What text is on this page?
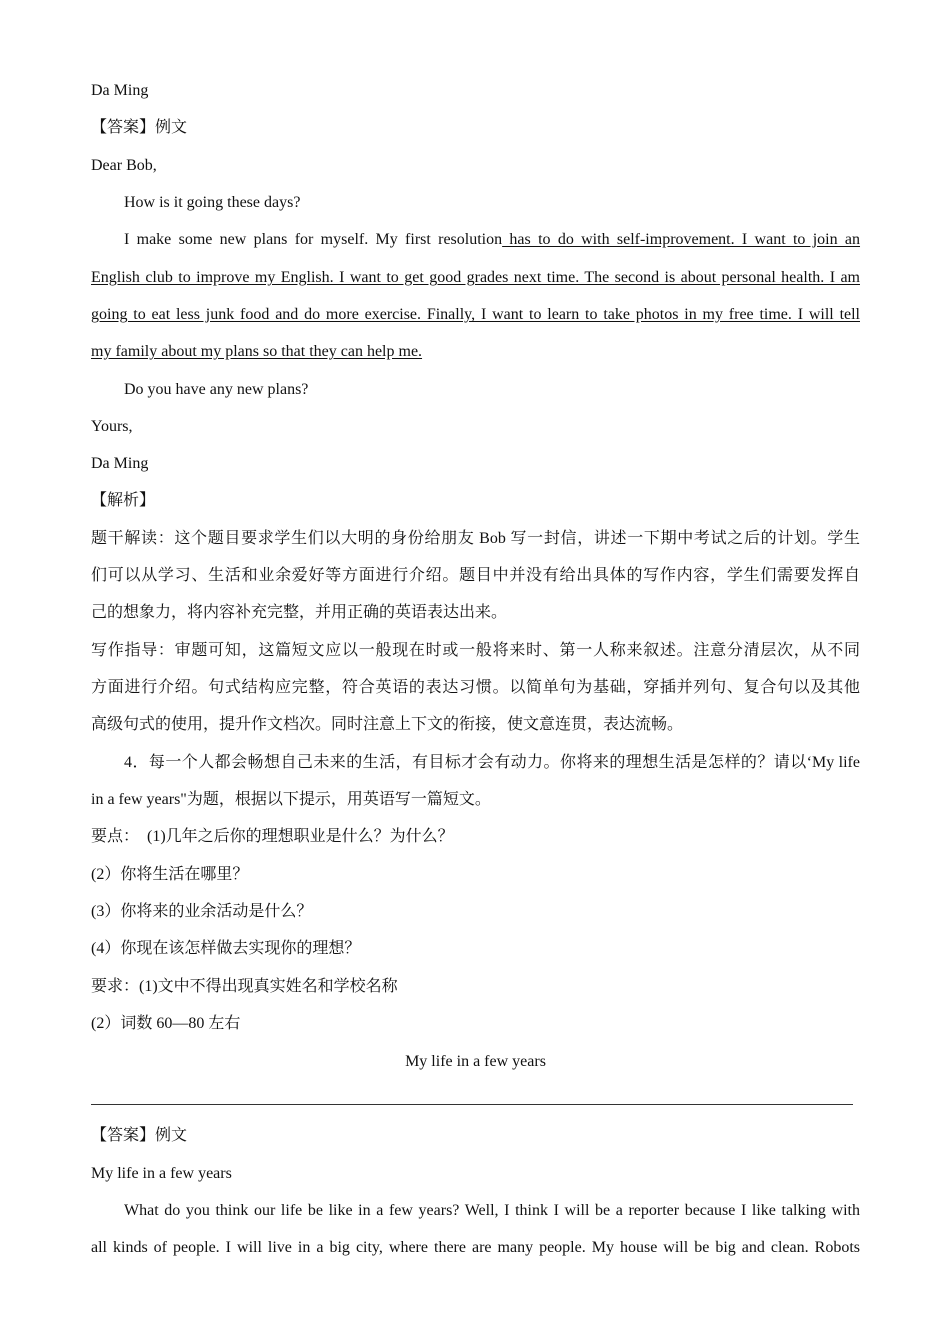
Da Ming
【答案】例文
Dear Bob,
How is it going these days?
I make some new plans for myself. My first resolution has to do with self-improvement. I want to join an
English club to improve my English. I want to get good grades next time. The second is about personal health. I am
going to eat less junk food and do more exercise. Finally, I want to learn to take photos in my free time. I will tell
my family about my plans so that they can help me.
Do you have any new plans?
Yours,
Da Ming
【解析】
题干解读：这个题目要求学生们以大明的身份给朋友 Bob 写一封信，讲述一下期中考试之后的计划。学生
们可以从学习、生活和业余爱好等方面进行介绍。题目中并没有给出具体的写作内容，学生们需要发挥自
己的想象力，将内容补充完整，并用正确的英语表达出来。
写作指导：审题可知，这篇短文应以一般现在时或一般将来时、第一人称来叙述。注意分清层次，从不同
方面进行介绍。句式结构应完整，符合英语的表达习惯。以简单句为基础，穿插并列句、复合句以及其他
高级句式的使用，提升作文档次。同时注意上下文的衔接，使文意连贯，表达流畅。
4．每一个人都会畅想自己未来的生活，有目标才会有动力。你将来的理想生活是怎样的？请以‘My life
in a few years"为题，根据以下提示，用英语写一篇短文。
要点：  (1)几年之后你的理想职业是什么？为什么？
(2）你将生活在哪里？
(3）你将来的业余活动是什么？
(4）你现在该怎样做去实现你的理想？
要求：(1)文中不得出现真实姓名和学校名称
(2）词数 60—80 左右
My life in a few years
【答案】例文
My life in a few years
What do you think our life be like in a few years? Well, I think I will be a reporter because I like talking with
all kinds of people. I will live in a big city, where there are many people. My house will be big and clean. Robots
